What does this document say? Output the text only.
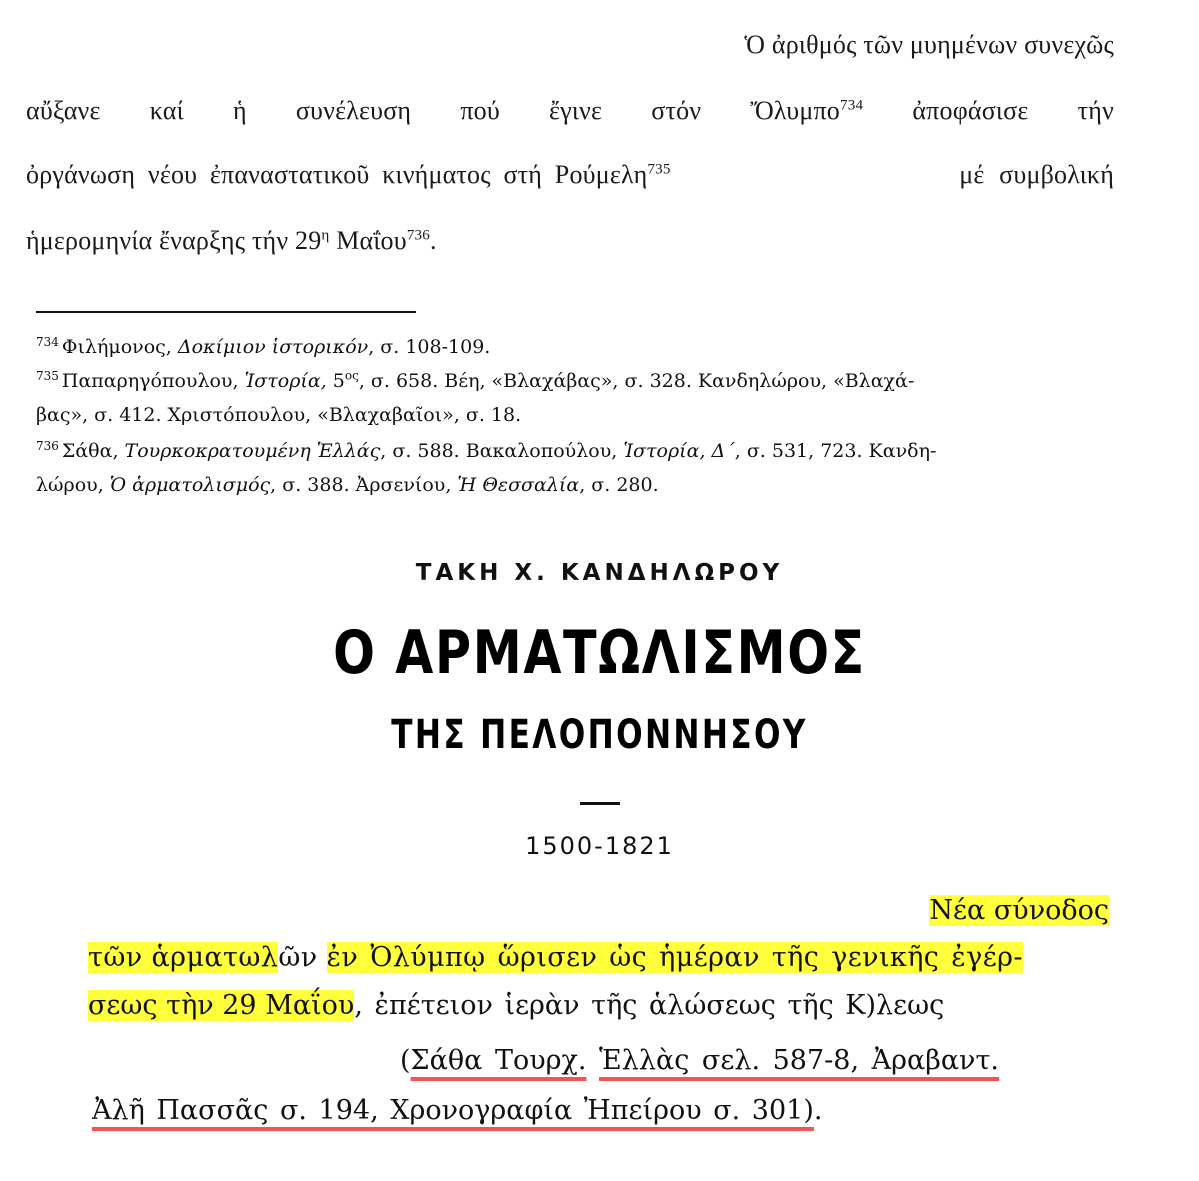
Ὁ ἀριθμός τῶν μυημένων συνεχῶς
αὔξανε καί ἡ συνέλευση πού ἔγινε στόν Ὄλυμπο$^{734}$ ἀποφάσισε τήν
ὀργάνωση νέου ἐπαναστατικοῦ κινήματος στή Ρούμελη$^{735}$	μέ συμβολική
ἡμερομηνία ἔναρξης τήν $29^\eta$ Μαΐου$^{736}$.
$^{734}$ Φιλήμονος, Δοκίμιον ἱστορικόν, σ. 108-109.
$^{735}$ Παπαρηγόπουλου, Ἱστορία, $5^{o\varsigma}$, σ. 658. Βέη, «Βλαχάβας», σ. 328. Κανδηλώρου, «Βλαχά-
βας», σ. 412. Χριστόπουλου, «Βλαχαβαῖοι», σ. 18.
$^{736}$ Σάθα, Τουρκοκρατουμένη Ἑλλάς, σ. 588. Βακαλοπούλου, Ἱστορία, Δ΄, σ. 531, 723. Κανδη-
λώρου, Ὁ ἁρματολισμός, σ. 388. Ἀρσενίου, Ἡ Θεσσαλία, σ. 280.
ΤΑΚΗ Χ. ΚΑΝΔΗΛΩΡΟΥ
Ο ΑΡΜΑΤΩΛΙΣΜΟΣ
ΤΗΣ ΠΕΛΟΠΟΝΝΗΣΟΥ
1500-1821
Νέα σύνοδος
τῶν ἁρματωλῶν ἐν Ὀλύμπῳ ὥρισεν ὡς ἡμέραν τῆς γενικῆς ἐγέρ-
σεως τὴν 29 Μαΐου, ἐπέτειον ἱερὰν τῆς ἁλώσεως τῆς Κ)λεως
(Σάθα Τουρχ. Ἑλλὰς σελ. 587-8, Ἀραβαντ.
Ἀλῆ Πασσᾶς σ. 194, Χρονογραφία Ἠπείρου σ. 301).
